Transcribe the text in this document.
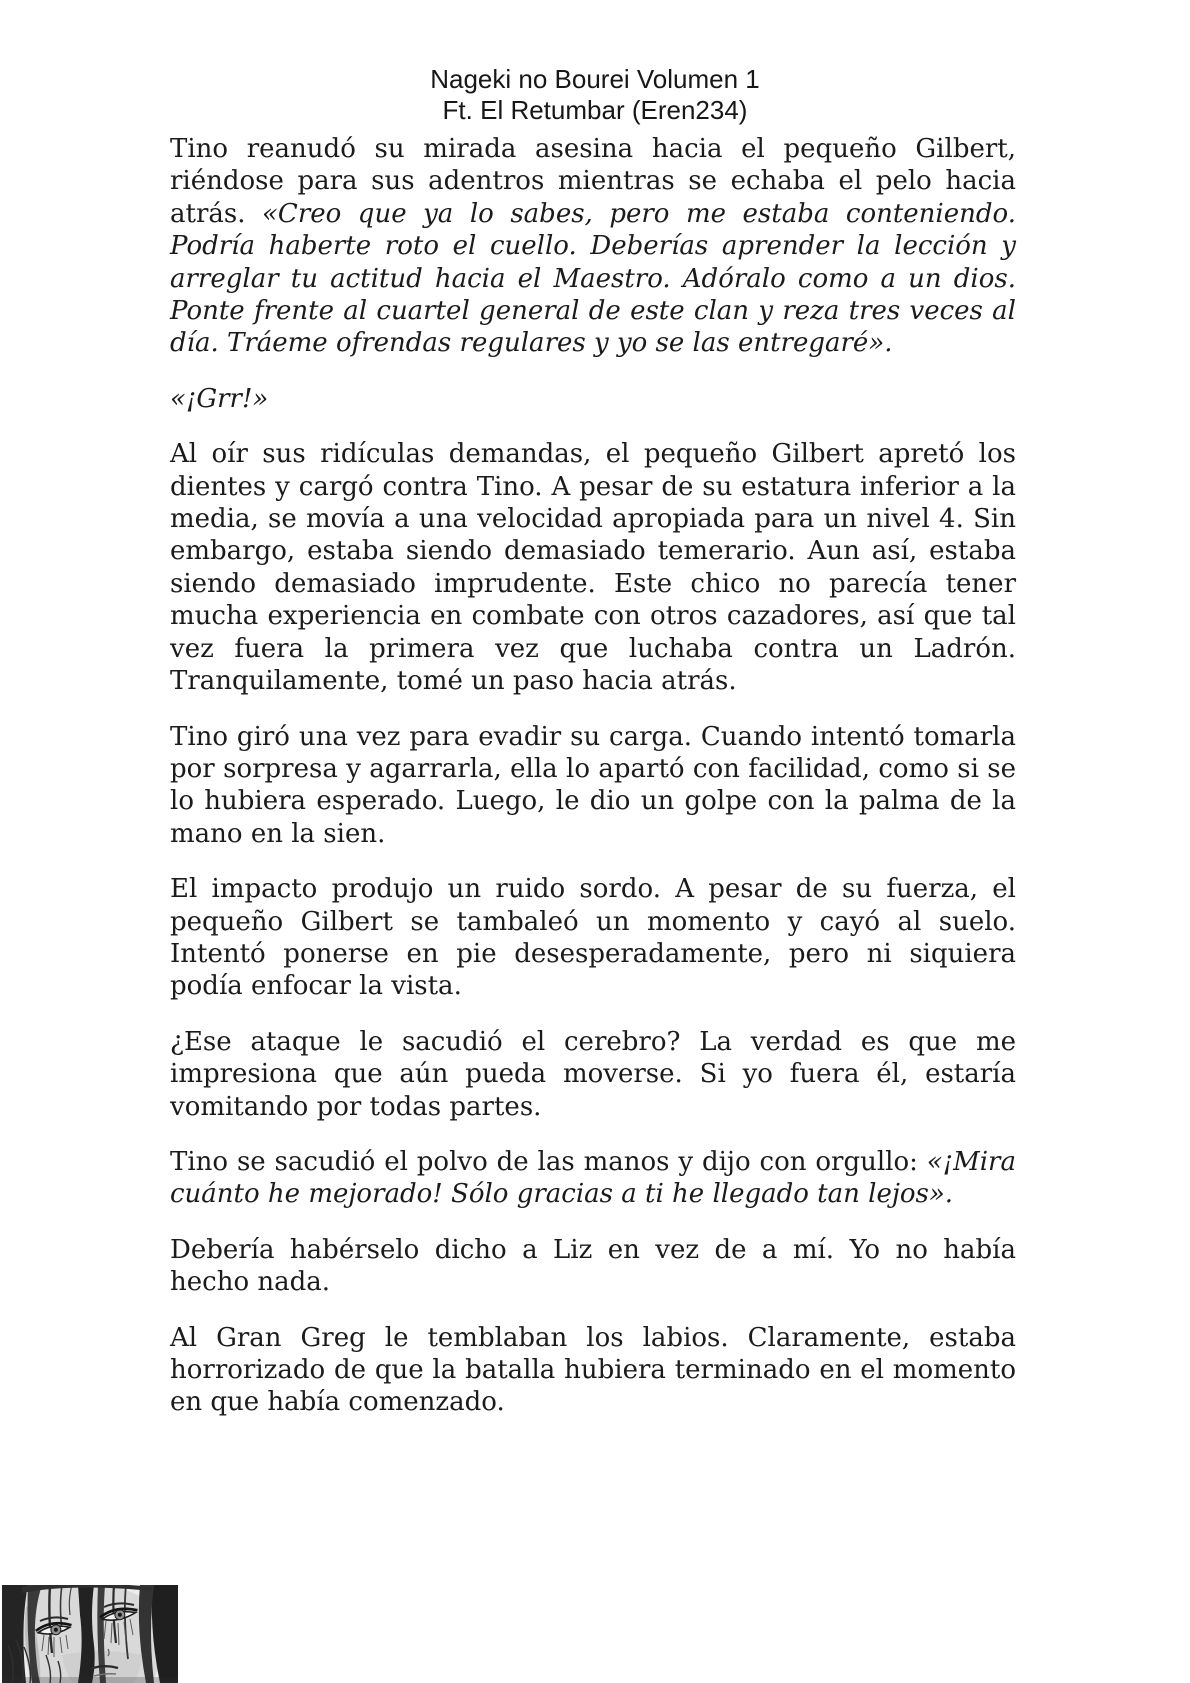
Nageki no Bourei Volumen 1
Ft. El Retumbar (Eren234)

Tino reanudó su mirada asesina hacia el pequeño Gilbert, riéndose para sus adentros mientras se echaba el pelo hacia atrás. «Creo que ya lo sabes, pero me estaba conteniendo. Podría haberte roto el cuello. Deberías aprender la lección y arreglar tu actitud hacia el Maestro. Adóralo como a un dios. Ponte frente al cuartel general de este clan y reza tres veces al día. Tráeme ofrendas regulares y yo se las entregaré».

«¡Grr!»

Al oír sus ridículas demandas, el pequeño Gilbert apretó los dientes y cargó contra Tino. A pesar de su estatura inferior a la media, se movía a una velocidad apropiada para un nivel 4. Sin embargo, estaba siendo demasiado temerario. Aun así, estaba siendo demasiado imprudente. Este chico no parecía tener mucha experiencia en combate con otros cazadores, así que tal vez fuera la primera vez que luchaba contra un Ladrón. Tranquilamente, tomé un paso hacia atrás.

Tino giró una vez para evadir su carga. Cuando intentó tomarla por sorpresa y agarrarla, ella lo apartó con facilidad, como si se lo hubiera esperado. Luego, le dio un golpe con la palma de la mano en la sien.

El impacto produjo un ruido sordo. A pesar de su fuerza, el pequeño Gilbert se tambaleó un momento y cayó al suelo. Intentó ponerse en pie desesperadamente, pero ni siquiera podía enfocar la vista.

¿Ese ataque le sacudió el cerebro? La verdad es que me impresiona que aún pueda moverse. Si yo fuera él, estaría vomitando por todas partes.

Tino se sacudió el polvo de las manos y dijo con orgullo: «¡Mira cuánto he mejorado! Sólo gracias a ti he llegado tan lejos».

Debería habérselo dicho a Liz en vez de a mí. Yo no había hecho nada.

Al Gran Greg le temblaban los labios. Claramente, estaba horrorizado de que la batalla hubiera terminado en el momento en que había comenzado.
